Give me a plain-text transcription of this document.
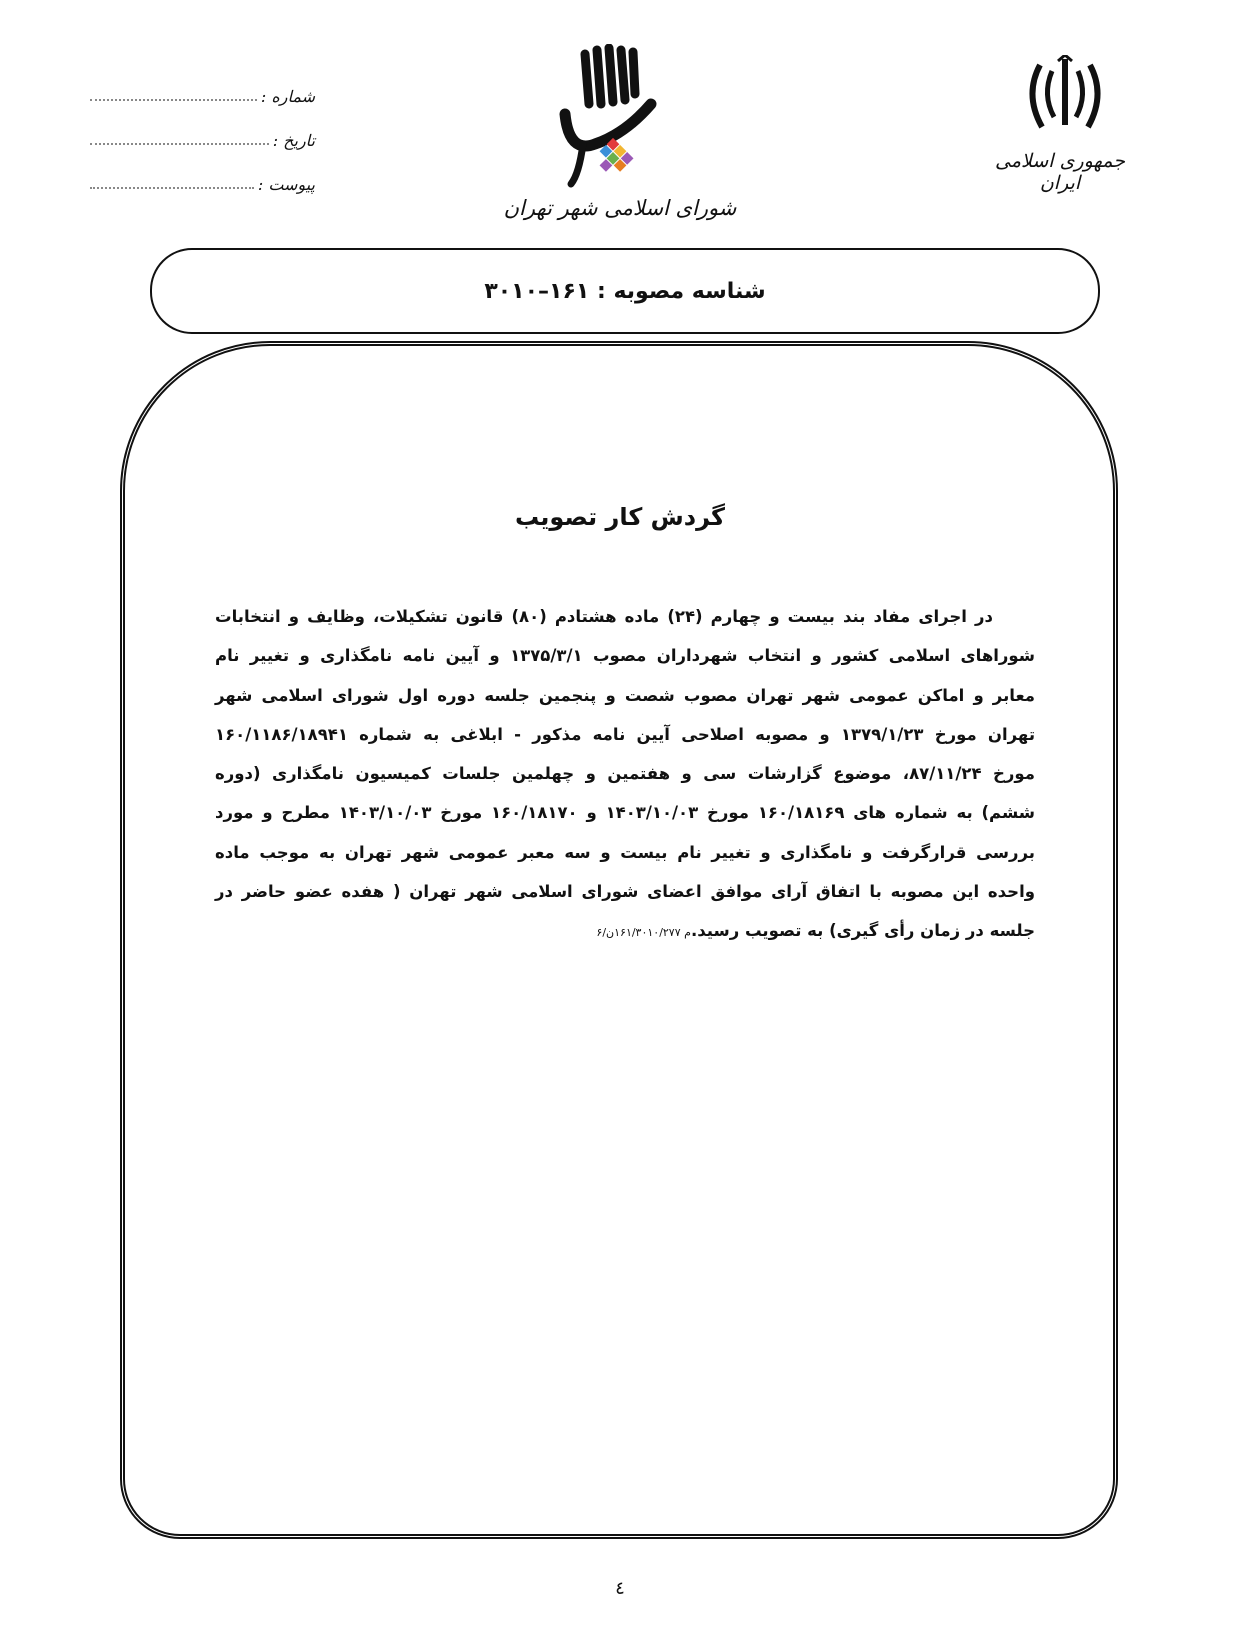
شماره :
تاریخ :
پیوست :
شورای اسلامی شهر تهران
جمهوری اسلامی ایران
شناسه مصوبه : ۱۶۱–۳۰۱۰
گردش کار تصویب
در اجرای مفاد بند بیست و چهارم (۲۴) ماده هشتادم (۸۰) قانون تشکیلات، وظایف و انتخابات
شوراهای اسلامی کشور و انتخاب شهرداران مصوب ۱۳۷۵/۳/۱ و آیین نامه نامگذاری و تغییر نام
معابر و اماکن عمومی شهر تهران مصوب شصت و پنجمین جلسه دوره اول شورای اسلامی شهر
تهران مورخ ۱۳۷۹/۱/۲۳ و مصوبه اصلاحی آیین نامه مذکور - ابلاغی به شماره ۱۶۰/۱۱۸۶/۱۸۹۴۱
مورخ ۸۷/۱۱/۲۴، موضوع گزارشات سی و هفتمین و چهلمین جلسات کمیسیون نامگذاری (دوره
ششم) به شماره های ۱۶۰/۱۸۱۶۹ مورخ ۱۴۰۳/۱۰/۰۳ و ۱۶۰/۱۸۱۷۰ مورخ ۱۴۰۳/۱۰/۰۳ مطرح و مورد
بررسی قرارگرفت و نامگذاری و تغییر نام بیست و سه معبر عمومی شهر تهران به موجب ماده
واحده این مصوبه با اتفاق آرای موافق اعضای شورای اسلامی شهر تهران ( هفده عضو حاضر در
جلسه در زمان رأی گیری) به تصویب رسید.م ۱۶۱/۳۰۱۰/۲۷۷ن/۶
٤
